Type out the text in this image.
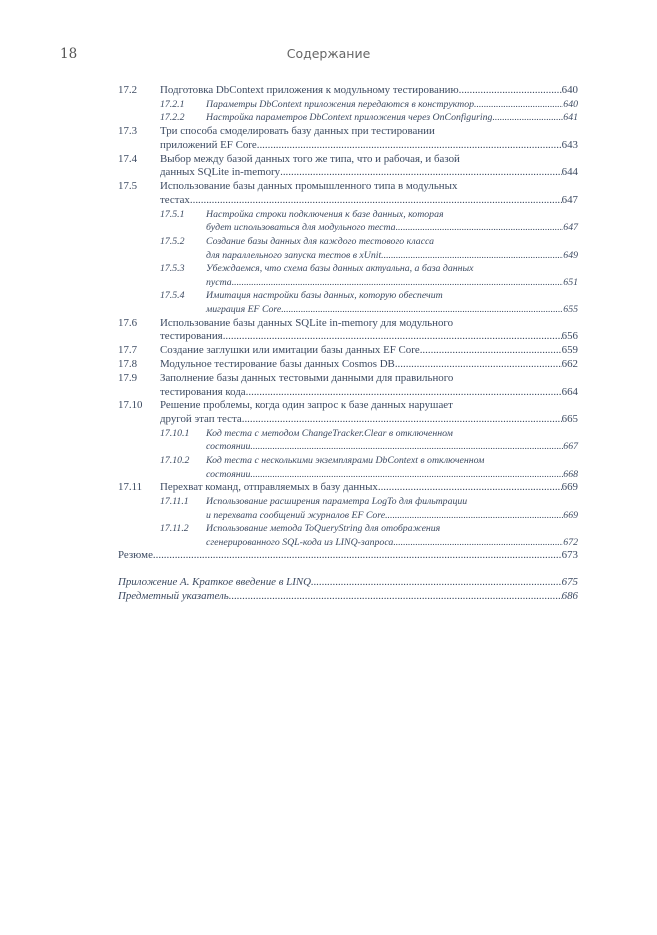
18	Содержание
17.2 Подготовка DbContext приложения к модульному тестированию .....	640
17.2.1 Параметры DbContext приложения передаются в конструктор .....	640
17.2.2 Настройка параметров DbContext приложения через OnConfiguring .....	641
17.3 Три способа смоделировать базу данных при тестировании
приложений EF Core .....	643
17.4 Выбор между базой данных того же типа, что и рабочая, и базой
данных SQLite in-memory .....	644
17.5 Использование базы данных промышленного типа в модульных
тестах .....	647
17.5.1 Настройка строки подключения к базе данных, которая
будет использоваться для модульного теста .....	647
17.5.2 Создание базы данных для каждого тестового класса
для параллельного запуска тестов в xUnit .....	649
17.5.3 Убеждаемся, что схема базы данных актуальна, а база данных
пуста .....	651
17.5.4 Имитация настройки базы данных, которую обеспечит
миграция EF Core .....	655
17.6 Использование базы данных SQLite in-memory для модульного
тестирования .....	656
17.7 Создание заглушки или имитации базы данных EF Core .....	659
17.8 Модульное тестирование базы данных Cosmos DB .....	662
17.9 Заполнение базы данных тестовыми данными для правильного
тестирования кода .....	664
17.10 Решение проблемы, когда один запрос к базе данных нарушает
другой этап теста .....	665
17.10.1 Код теста с методом ChangeTracker.Clear в отключенном
состоянии .....	667
17.10.2 Код теста с несколькими экземплярами DbContext в отключенном
состоянии .....	668
17.11 Перехват команд, отправляемых в базу данных .....	669
17.11.1 Использование расширения параметра LogTo для фильтрации
и перехвата сообщений журналов EF Core .....	669
17.11.2 Использование метода ToQueryString для отображения
сгенерированного SQL-кода из LINQ-запроса .....	672
Резюме .....	673
Приложение А. Краткое введение в LINQ .....	675
Предметный указатель .....	686
